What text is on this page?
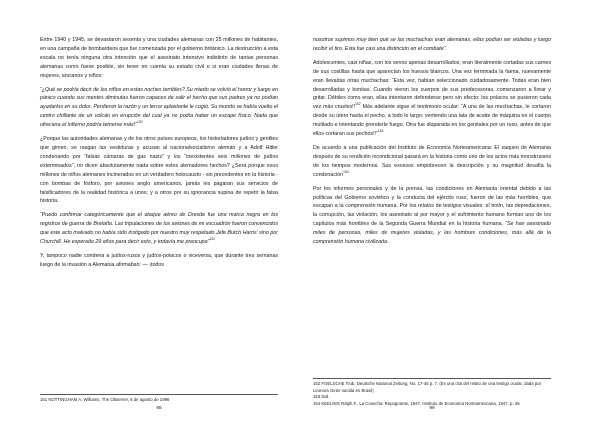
Entre 1940 y 1945, se devastaron sesenta y una ciudades alemanas con 25 millones de habitantes, en una campaña de bombardeos que fue comenzada por el gobierno británico. La destrucción a esta escala no tenía ninguna otra intención que el asesinato intensivo indistinto de tantas personas alemanas como fuese posible, sin tener en cuenta su estado civil o si eran ciudades llenas de mujeres, ancianos y niños:

“¿Qué se podría decir de los niños en estas noches terribles? Su miedo se volvió el horror y luego en pánico cuando sus mentes diminutas fueron capaces de salir el hecho que sus padres ya no podían ayudarlos en su dolor. Perdieron la razón y un terror aplastante le cogió. Su mundo se había vuelto el centro chillante de un volcán en erupción del cual ya no podía haber un escape físico. Nada que ofreciera el infierno podría temerse más!”$^{150}$

¿Porque las autoridades alemanas y de los otros países europeos, los historiadores judíos y gentiles que gimen, se rasgan las vestiduras y acusan al nacionalsocialismo alemán y a Adolf Hitler condenando por “falsas cámaras de gas nazis” y los “inexistentes seis millones de judíos exterminados”, no dicen absolutamente nada sobre estos alemadores hechos? ¿Será porque esos millones de niños alemanes incinerados en un verdadero holocausto - sin precedentes en la historia - con bombas de fósforo, por aviones anglo americanos, jamás les pagaran sus servicios de falsificadores de la realidad histórica a unos; y a otros por su ignorancia supina de repetir la falsa historia.

“Puedo confirmar categóricamente que el ataque aéreo de Dresde fue una marca negra en los registros de guerra de Bretaña. Las tripulaciones de los aviones de mi escuadrón fueron convencidos que este acto malvado no había sido instigado por nuestro muy respetado Jefe Butch Harris’ sino por Churchill. He esperado 29 años para decir esto, y todavía me preocupa”$^{151}$

Y, tampoco nadie condena a judíos-rusos y judíos-polacos o viceversa, que durante tres semanas luego de la invasión a Alemania afirmaban: — ¡todos

151 NOTTINGHAM A. Williams, The Observer, 6 de agosto de 1996

98

nosotros supimos muy bien qué se las muchachas eran alemanas, ellas podían ser violadas y luego recibir el tiro. Esta fue casi una distinción en el combate”.

Adolescentes, casi niñas, con los senos apenas desarrollados; eran literalmente cortadas sus carnes de sus costillas hasta que aparecían los huesos blancos. Una vez terminada la faena, nuevamente eran llevadas otras muchachas: “Esta vez, habían seleccionado cuidadosamente. Todas eran bien desarrolladas y bonitas. Cuando vieron los cuerpos de sus predecesoras, comenzaron a llorar y gritar. Débiles como eran, ellas intentaron defenderse pero sin efecto; los polacos se pusieron cada vez más crueles!!$^{152}$ Más adelante sigue el testimonio ocular: “A una de las muchachas, le cortaron desde su útero hasta el pecho, a todo lo largo; vertiendo una lata de aceite de máquina en el cuerpo mutilado e intentando prenderle fuego. Otra fue disparada en los genitales por un ruso, antes de que ellos cortaran sus pechos!!”$^{153}$

De acuerdo a una publicación del Instituto de Economía Norteamericana: El saqueo de Alemania después de su rendición incondicional pasará en la historia como uno de los actos más monstruosos de los tiempos modernos. Sus excesos empobrecen la descripción y su magnitud desafía la condenación$^{154}$

Por los informes personales y de la prensa, las condiciones en Alemania oriental debido a las políticas del Gobierno soviético y la conducta del ejército ruso, fueron de las más horribles, que escapan a la comprensión humana. Por los relatos de testigos visuales: el botín, las depredaciones, la corrupción, las violación, los asesinato al por mayor y el sufrimiento humano forman uno de los capítulos más horribles de la Segunda Guerra Mundial en la historia humana. “Se han asesinado miles de personas, miles de mujeres violadas, y las hombres condiciones, más allá de la comprensión humana civilizada.

152 FOELSCHE Trub, Deutsche National Zeitung, No. 17-45 p. 7. (Es una cita del relato de una testigo ocular, dada por Leonora Geier nacida en Brasil)

153 Ibid.

154 KEELING Ralph F., La Cosecha: Repugnante, 1947. Instituto de Economía Norteamericana, 1947, p. 45

99
